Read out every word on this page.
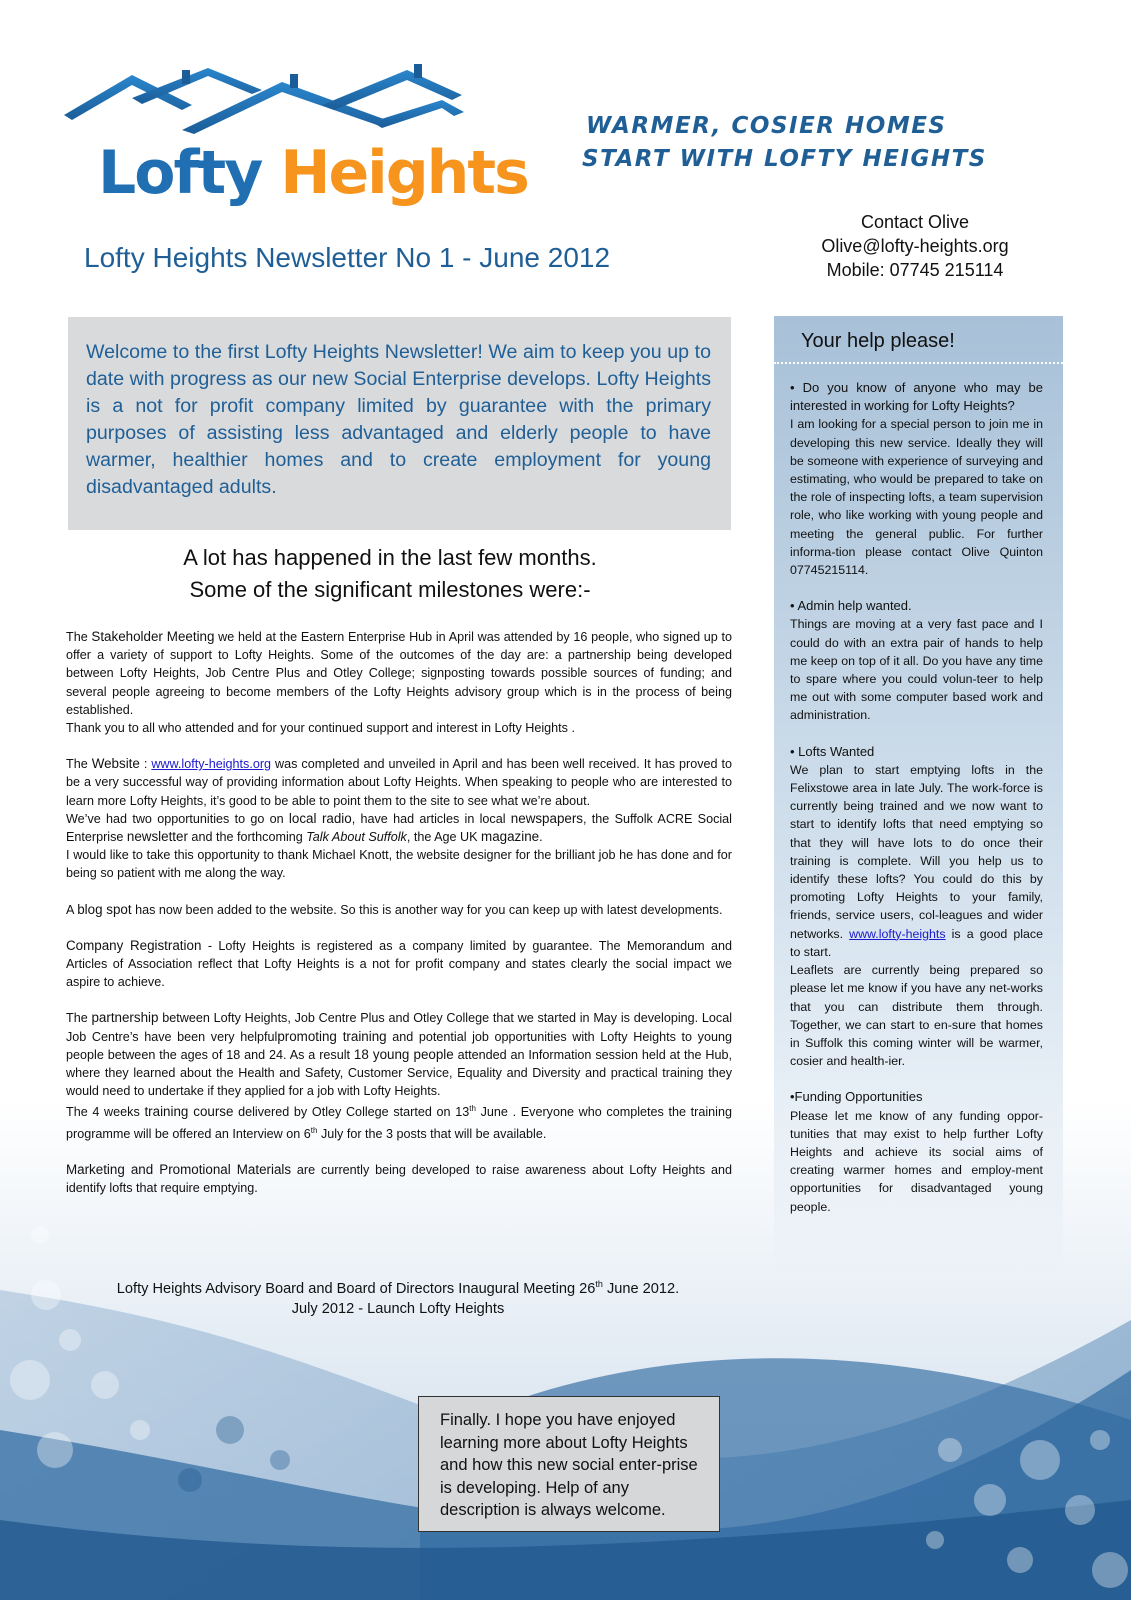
Lofty Heights
WARMER, COSIER HOMES
START WITH LOFTY HEIGHTS
Lofty Heights Newsletter No 1 - June 2012
Contact Olive
Olive@lofty-heights.org
Mobile: 07745 215114

Welcome to the first Lofty Heights Newsletter! We aim to keep you up to date with progress as our new Social Enterprise develops. Lofty Heights is a not for profit company limited by guarantee with the primary purposes of assisting less advantaged and elderly people to have warmer, healthier homes and to create employment for young disadvantaged adults.

A lot has happened in the last few months.
Some of the significant milestones were:-

The Stakeholder Meeting we held at the Eastern Enterprise Hub in April was attended by 16 people, who signed up to offer a variety of support to Lofty Heights. Some of the outcomes of the day are: a partnership being developed between Lofty Heights, Job Centre Plus and Otley College; signposting towards possible sources of funding; and several people agreeing to become members of the Lofty Heights advisory group which is in the process of being established.

Thank you to all who attended and for your continued support and interest in Lofty Heights .

The Website : www.lofty-heights.org was completed and unveiled in April and has been well received. It has proved to be a very successful way of providing information about Lofty Heights. When speaking to people who are interested to learn more Lofty Heights, it’s good to be able to point them to the site to see what we’re about.

We’ve had two opportunities to go on local radio, have had articles in local newspapers, the Suffolk ACRE Social Enterprise newsletter and the forthcoming Talk About Suffolk, the Age UK magazine.

I would like to take this opportunity to thank Michael Knott, the website designer for the brilliant job he has done and for being so patient with me along the way.

A blog spot has now been added to the website. So this is another way for you can keep up with latest developments.

Company Registration - Lofty Heights is registered as a company limited by guarantee. The Memorandum and Articles of Association reflect that Lofty Heights is a not for profit company and states clearly the social impact we aspire to achieve.

The partnership between Lofty Heights, Job Centre Plus and Otley College that we started in May is developing. Local Job Centre’s have been very helpfulpromoting training and potential job opportunities with Lofty Heights to young people between the ages of 18 and 24. As a result 18 young people attended an Information session held at the Hub, where they learned about the Health and Safety, Customer Service, Equality and Diversity and practical training they would need to undertake if they applied for a job with Lofty Heights.

The 4 weeks training course delivered by Otley College started on 13th June . Everyone who completes the training programme will be offered an Interview on 6th July for the 3 posts that will be available.

Marketing and Promotional Materials are currently being developed to raise awareness about Lofty Heights and identify lofts that require emptying.

Lofty Heights Advisory Board and Board of Directors Inaugural Meeting 26th June 2012.
July 2012 - Launch Lofty Heights
Your help please!
• Do you know of anyone who may be interested in working for Lofty Heights?
I am looking for a special person to join me in developing this new service. Ideally they will be someone with experience of surveying and estimating, who would be prepared to take on the role of inspecting lofts, a team supervision role, who like working with young people and meeting the general public. For further informa-tion please contact Olive Quinton 07745215114.
• Admin help wanted.
Things are moving at a very fast pace and I could do with an extra pair of hands to help me keep on top of it all. Do you have any time to spare where you could volun-teer to help me out with some computer based work and administration.
• Lofts Wanted
We plan to start emptying lofts in the Felixstowe area in late July. The work-force is currently being trained and we now want to start to identify lofts that need emptying so that they will have lots to do once their training is complete. Will you help us to identify these lofts? You could do this by promoting Lofty Heights to your family, friends, service users, col-leagues and wider networks. www.lofty-heights is a good place to start.
Leaflets are currently being prepared so please let me know if you have any net-works that you can distribute them through. Together, we can start to en-sure that homes in Suffolk this coming winter will be warmer, cosier and health-ier.
•Funding Opportunities
Please let me know of any funding oppor-tunities that may exist to help further Lofty Heights and achieve its social aims of creating warmer homes and employ-ment opportunities for disadvantaged young people.
Finally. I hope you have enjoyed learning more about Lofty Heights and how this new social enter-prise is developing. Help of any description is always welcome.
